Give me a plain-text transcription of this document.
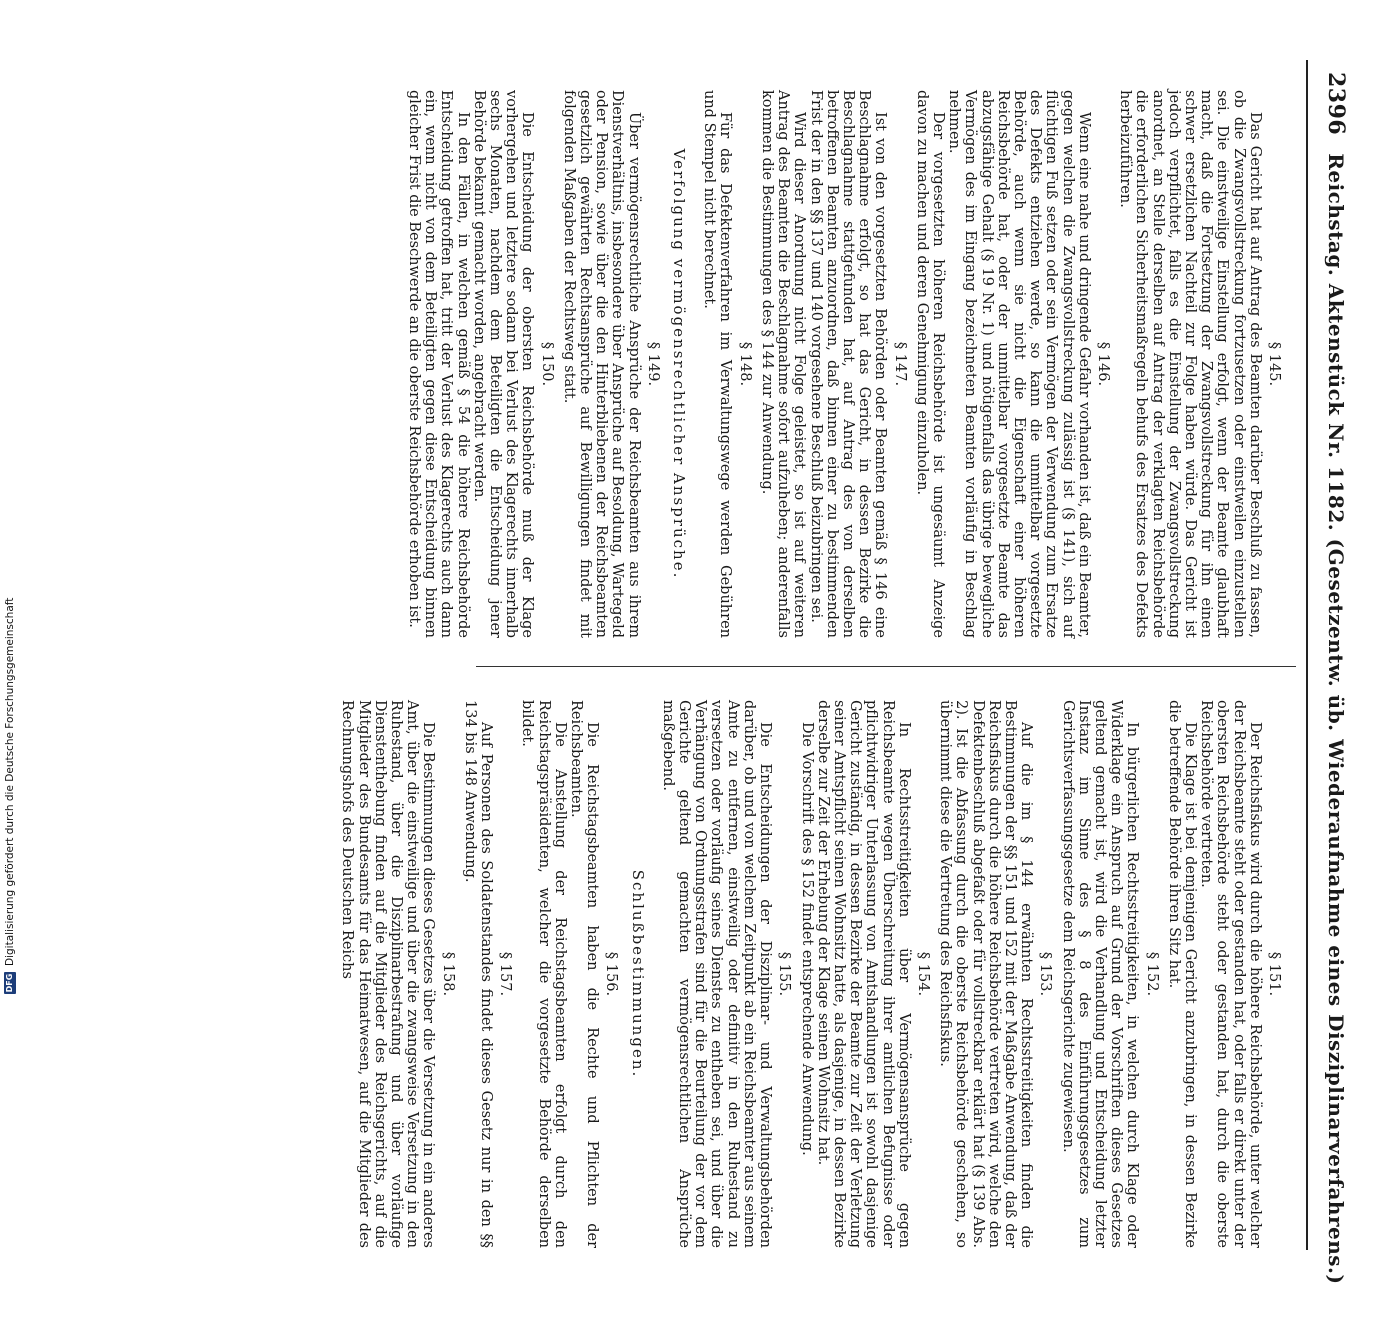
DFG
Digitalisierung gefördert durch die Deutsche Forschungsgemeinschaft
2396
Reichstag. Aktenstück Nr. 1182. (Gesetzentw. üb. Wiederaufnahme eines Disziplinarverfahrens.)
§ 145.

Das Gericht hat auf Antrag des Beamten darüber Beschluß zu fassen, ob die Zwangsvollstreckung fortzusetzen oder einstweilen einzustellen sei. Die einstweilige Einstellung erfolgt, wenn der Beamte glaubhaft macht, daß die Fortsetzung der Zwangsvollstreckung für ihn einen schwer ersetzlichen Nachteil zur Folge haben würde. Das Gericht ist jedoch verpflichtet, falls es die Einstellung der Zwangsvollstreckung anordnet, an Stelle derselben auf Antrag der verklagten Reichsbehörde die erforderlichen Sicherheitsmaßregeln behufs des Ersatzes des Defekts herbeizuführen.

§ 146.

Wenn eine nahe und dringende Gefahr vorhanden ist, daß ein Beamter, gegen welchen die Zwangsvollstreckung zulässig ist (§ 141), sich auf flüchtigen Fuß setzen oder sein Vermögen der Verwendung zum Ersatze des Defekts entziehen werde, so kann die unmittelbar vorgesetzte Behörde, auch wenn sie nicht die Eigenschaft einer höheren Reichsbehörde hat, oder der unmittelbar vorgesetzte Beamte das abzugsfähige Gehalt (§ 19 Nr. 1) und nötigenfalls das übrige bewegliche Vermögen des im Eingang bezeichneten Beamten vorläufig in Beschlag nehmen.

Der vorgesetzten höheren Reichsbehörde ist ungesäumt Anzeige davon zu machen und deren Genehmigung einzuholen.

§ 147.

Ist von den vorgesetzten Behörden oder Beamten gemäß § 146 eine Beschlagnahme erfolgt, so hat das Gericht, in dessen Bezirke die Beschlagnahme stattgefunden hat, auf Antrag des von derselben betroffenen Beamten anzuordnen, daß binnen einer zu bestimmenden Frist der in den §§ 137 und 140 vorgesehene Beschluß beizubringen sei.

Wird dieser Anordnung nicht Folge geleistet, so ist auf weiteren Antrag des Beamten die Beschlagnahme sofort aufzuheben; anderenfalls kommen die Bestimmungen des § 144 zur Anwendung.

§ 148.

Für das Defektenverfahren im Verwaltungswege werden Gebühren und Stempel nicht berechnet.

Verfolgung vermögensrechtlicher Ansprüche.
§ 149.

Über vermögensrechtliche Ansprüche der Reichsbeamten aus ihrem Dienstverhältnis, insbesondere über Ansprüche auf Besoldung, Wartegeld oder Pension, sowie über die den Hinterbliebenen der Reichsbeamten gesetzlich gewährten Rechtsansprüche auf Bewilligungen findet mit folgenden Maßgaben der Rechtsweg statt.

§ 150.

Die Entscheidung der obersten Reichsbehörde muß der Klage vorhergehen und letztere sodann bei Verlust des Klagerechts innerhalb sechs Monaten, nachdem dem Beteiligten die Entscheidung jener Behörde bekannt gemacht worden, angebracht werden.

In den Fällen, in welchen gemäß § 54 die höhere Reichsbehörde Entscheidung getroffen hat, tritt der Verlust des Klagerechts auch dann ein, wenn nicht von dem Beteiligten gegen diese Entscheidung binnen gleicher Frist die Beschwerde an die oberste Reichsbehörde erhoben ist.

§ 151.

Der Reichsfiskus wird durch die höhere Reichsbehörde, unter welcher der Reichsbeamte steht oder gestanden hat, oder falls er direkt unter der obersten Reichsbehörde steht oder gestanden hat, durch die oberste Reichsbehörde vertreten.

Die Klage ist bei demjenigen Gericht anzubringen, in dessen Bezirke die betreffende Behörde ihren Sitz hat.

§ 152.

In bürgerlichen Rechtsstreitigkeiten, in welchen durch Klage oder Widerklage ein Anspruch auf Grund der Vorschriften dieses Gesetzes geltend gemacht ist, wird die Verhandlung und Entscheidung letzter Instanz im Sinne des § 8 des Einführungsgesetzes zum Gerichtsverfassungsgesetze dem Reichsgerichte zugewiesen.

§ 153.

Auf die im § 144 erwähnten Rechtsstreitigkeiten finden die Bestimmungen der §§ 151 und 152 mit der Maßgabe Anwendung, daß der Reichsfiskus durch die höhere Reichsbehörde vertreten wird, welche den Defektenbeschluß abgefaßt oder für vollstreckbar erklärt hat (§ 139 Abs. 2). Ist die Abfassung durch die oberste Reichsbehörde geschehen, so übernimmt diese die Vertretung des Reichsfiskus.

§ 154.

In Rechtsstreitigkeiten über Vermögensansprüche gegen Reichsbeamte wegen Überschreitung ihrer amtlichen Befugnisse oder pflichtwidriger Unterlassung von Amtshandlungen ist sowohl dasjenige Gericht zuständig, in dessen Bezirke der Beamte zur Zeit der Verletzung seiner Amtspflicht seinen Wohnsitz hatte, als dasjenige, in dessen Bezirke derselbe zur Zeit der Erhebung der Klage seinen Wohnsitz hat.

Die Vorschrift des § 152 findet entsprechende Anwendung.

§ 155.

Die Entscheidungen der Disziplinar- und Verwaltungsbehörden darüber, ob und von welchem Zeitpunkt ab ein Reichsbeamter aus seinem Amte zu entfernen, einstweilig oder definitiv in den Ruhestand zu versetzen oder vorläufig seines Dienstes zu entheben sei, und über die Verhängung von Ordnungsstrafen sind für die Beurteilung der vor dem Gerichte geltend gemachten vermögensrechtlichen Ansprüche maßgebend.

Schlußbestimmungen.
§ 156.

Die Reichstagsbeamten haben die Rechte und Pflichten der Reichsbeamten.

Die Anstellung der Reichstagsbeamten erfolgt durch den Reichstagspräsidenten, welcher die vorgesetzte Behörde derselben bildet.

§ 157.

Auf Personen des Soldatenstandes findet dieses Gesetz nur in den §§ 134 bis 148 Anwendung.

§ 158.

Die Bestimmungen dieses Gesetzes über die Versetzung in ein anderes Amt, über die einstweilige und über die zwangsweise Versetzung in den Ruhestand, über die Disziplinarbestrafung und über vorläufige Dienstenthebung finden auf die Mitglieder des Reichsgerichts, auf die Mitglieder des Bundesamts für das Heimatwesen, auf die Mitglieder des Rechnungshofs des Deutschen Reichs
